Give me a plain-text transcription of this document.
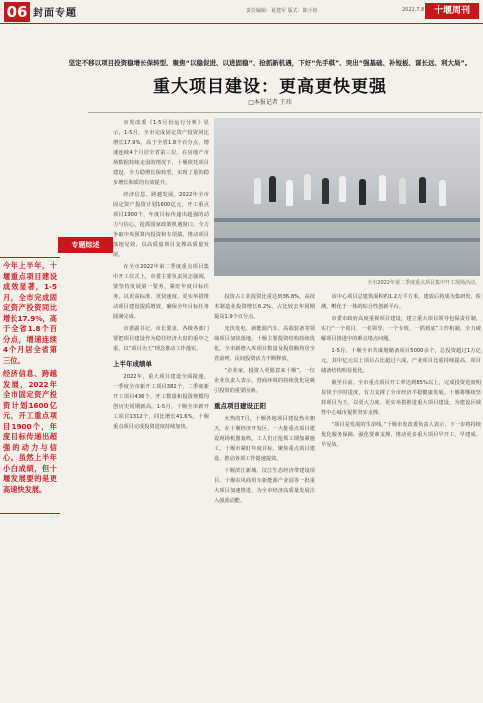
06 封面专题	责任编辑：夏建军 版式：陈小艳	2022.7.8	十堰周刊
坚定不移以项目投资稳增长保转型、聚焦“以稳促进、以进固稳”、抢抓新机遇，下好“先手棋”、突出“强基础、补短板、谋长远、利大局”。
重大项目建设：更高更快更强
□本报记者 王玮
专题综述

今年上半年，十堰重点项目建设成效显著，1-5月，全市完成固定资产投资同比增长17.9%，高于全省1.8个百分点，增速连续4个月居全省第三位。

经济信息、跨越发展，2022年全市固定资产投资计划1600亿元，开工重点项目1900个，年度目标传递出超强的动力与信心。虽然上半年小白成绩，但十堰发展要的是更高速快发展。

市发改委《1-5月份运行分析》显示，1-5月，全市完成固定资产投资同比增长17.9%，高于全省1.8个百分点，增速连续4个月居全省第三位。在房地产市场数据持续走弱的情况下，十堰依托项目建设，全力稳增长保转型，实现了量的稳步增长和质的有效提升。

经济信息、跨越发展。2022年全市固定资产投资计划1600亿元，开工重点项目1900个，年度目标传递出超强的动力与信心。抢抓国家政策机遇窗口，全力争取中央预算内投资和专项债，推动项目落地见效，以高质量项目支撑高质量发展。

在全市2022年第二季度重点项目集中开工仪式上，市委主要负责同志强调，要坚持发展第一要务，紧盯年度目标任务，以更高标准、更快速度、更实举措推动项目建设提质增效，确保全年目标任务圆满完成。

市委副书记、市长要求，各级各部门要把项目建设作为稳住经济大盘的重中之重，以“项目为王”理念推动工作落实。

上半年成绩单

2022年，重大项目建设全面提速。一季度全市新开工项目382个，二季度新开工项目436个，开工数量和投资规模均创历史同期新高。1-5月，十堰全市新开工项目1312个，同比增长41.6%，十堰重点项目完成投资进度持续加快。

全市2022年第二季度重点项目集中开工现场活动。

投资占工业投资比重达到36.8%，高技术制造业投资增长6.2%，占比较去年同期提高1.9个百分点。

光伏发电、新能源汽车、高端装备等领域项目加快落地，十堰主要投资结构持续优化。全市新增入库项目数量及投资额均居全省前列，民间投资活力不断释放。

“企业家，投资人更愿意来十堰”，一位企业负责人表示，营商环境的持续优化是吸引投资的重要因素。

重点项目建设正阳

火热的7月，十堰各地项目建设热火朝天。在十堰经济开发区，一大批重点项目建设现场机器轰鸣，工人们正抢抓工期加紧施工。十堰市紧盯年度目标，聚焦重点项目建设，推动各项工作提速提效。

十堰滨江新城、汉江生态经济带建设项目、十堰东风商用车新能源产业园等一批重大项目加速推进，为全市经济高质量发展注入强劲动能。

该中心项目总建筑面积约1.2万平方米，建成后将成为集研发、检测、孵化于一体的综合性创新平台。

市委市政府高度重视项目建设，建立重大项目领导包保责任制，实行“一个项目、一名领导、一个专班、一抓到底”工作机制，全力破解项目推进中的难点堵点问题。

1-5月，十堰全市共谋划储备项目5000余个，总投资超过1万亿元。其中亿元以上项目占比超过六成，产业项目比重持续提高，项目储备结构明显优化。

截至目前，全市重点项目开工率达到85%以上，完成投资进度明显快于序时进度，有力支撑了全市经济平稳健康发展。十堰将继续坚持项目为王，以更大力度、更实举措推进重大项目建设，为建设区域性中心城市提供坚实支撑。

“项目是发展的生命线。”十堰市发改委负责人表示，下一步将持续优化服务保障，强化要素支撑，推动更多重大项目早开工、早建成、早见效。
